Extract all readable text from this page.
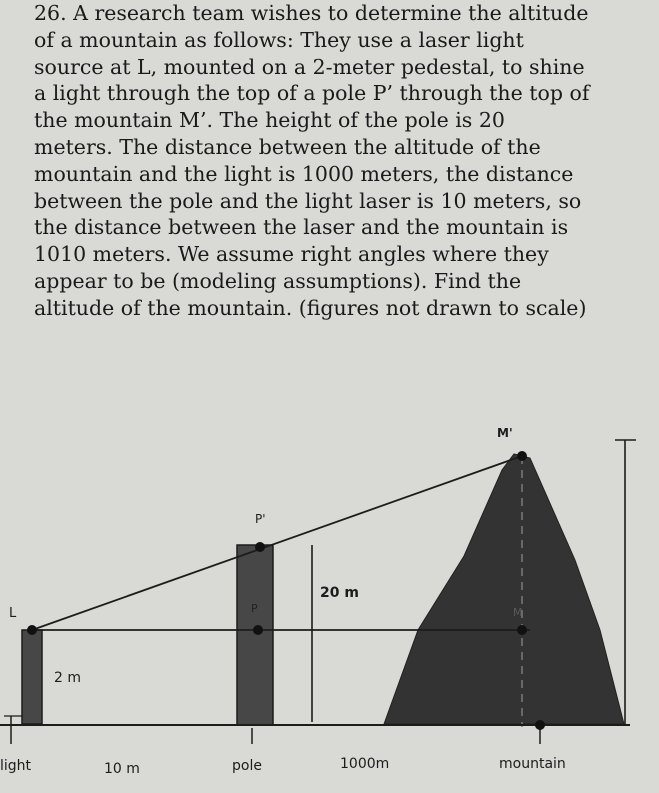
26. A research team wishes to determine the altitude
of a mountain as follows: They use a laser light
source at L, mounted on a 2-meter pedestal, to shine
a light through the top of a pole P’ through the top of
the mountain M’. The height of the pole is 20
meters. The distance between the altitude of the
mountain and the light is 1000 meters, the distance
between the pole and the light laser is 10 meters, so
the distance between the laser and the mountain is
1010 meters. We assume right angles where they
appear to be (modeling assumptions). Find the
altitude of the mountain. (figures not drawn to scale)
L
P'
P
M'
M
2 m
20 m
light	10 m	pole	1000m	mountain
